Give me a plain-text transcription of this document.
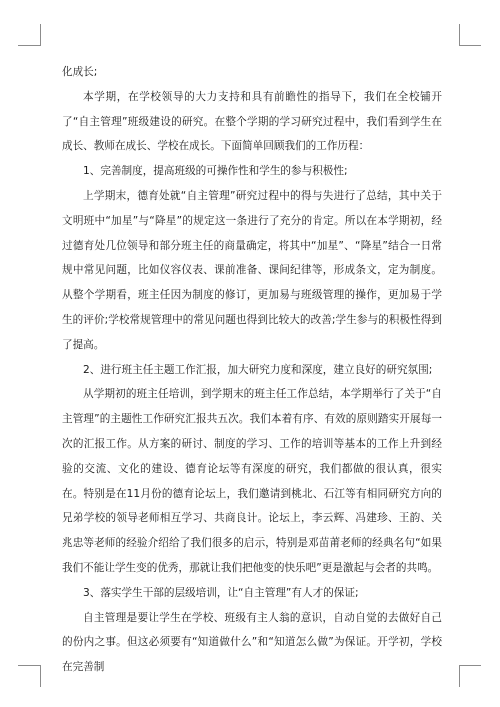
化成长;

本学期，在学校领导的大力支持和具有前瞻性的指导下，我们在全校铺开了“自主管理”班级建设的研究。在整个学期的学习研究过程中，我们看到学生在成长、教师在成长、学校在成长。下面简单回顾我们的工作历程：

1、完善制度，提高班级的可操作性和学生的参与积极性;

上学期末，德育处就“自主管理”研究过程中的得与失进行了总结，其中关于文明班中“加星”与“降星”的规定这一条进行了充分的肯定。所以在本学期初，经过德育处几位领导和部分班主任的商量确定，将其中“加星”、“降星”结合一日常规中常见问题，比如仪容仪表、课前准备、课间纪律等，形成条文，定为制度。从整个学期看，班主任因为制度的修订，更加易与班级管理的操作，更加易于学生的评价;学校常规管理中的常见问题也得到比较大的改善;学生参与的积极性得到了提高。

2、进行班主任主题工作汇报，加大研究力度和深度，建立良好的研究氛围;

从学期初的班主任培训，到学期末的班主任工作总结，本学期举行了关于“自主管理”的主题性工作研究汇报共五次。我们本着有序、有效的原则踏实开展每一次的汇报工作。从方案的研讨、制度的学习、工作的培训等基本的工作上升到经验的交流、文化的建设、德育论坛等有深度的研究，我们都做的很认真，很实在。特别是在11月份的德育论坛上，我们邀请到桃北、石江等有相同研究方向的兄弟学校的领导老师相互学习、共商良计。论坛上，李云辉、冯建珍、王韵、关兆忠等老师的经验介绍给了我们很多的启示，特别是邓苗莆老师的经典名句“如果我们不能让学生变的优秀，那就让我们把他变的快乐吧”更是激起与会者的共鸣。

3、落实学生干部的层级培训，让“自主管理”有人才的保证;

自主管理是要让学生在学校、班级有主人翁的意识，自动自觉的去做好自己的份内之事。但这必须要有“知道做什么”和“知道怎么做”为保证。开学初，学校在完善制
